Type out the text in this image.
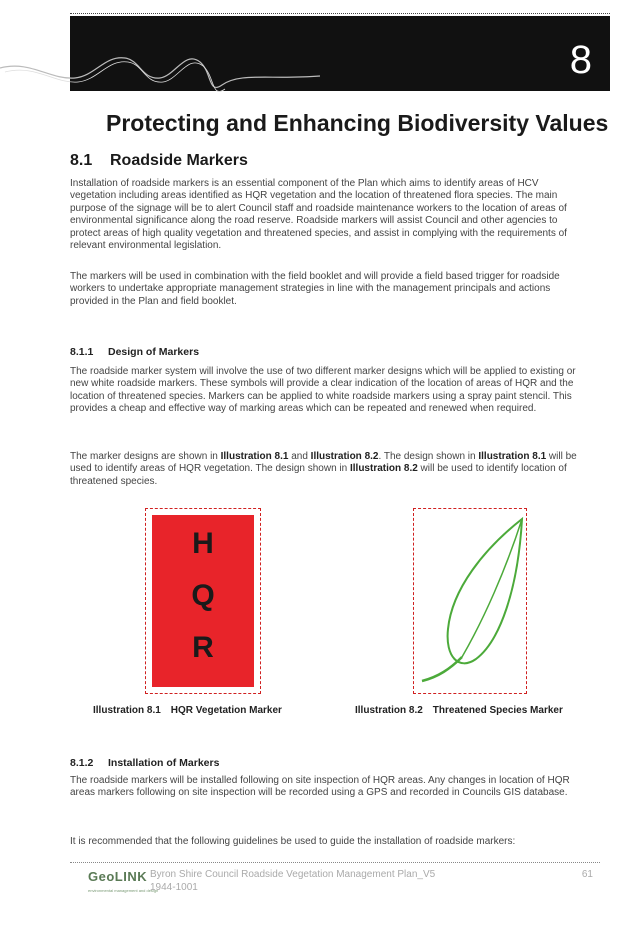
8
Protecting and Enhancing Biodiversity Values
8.1 Roadside Markers

Installation of roadside markers is an essential component of the Plan which aims to identify areas of HCV vegetation including areas identified as HQR vegetation and the location of threatened flora species. The main purpose of the signage will be to alert Council staff and roadside maintenance workers to the location of areas of environmental significance along the road reserve. Roadside markers will assist Council and other agencies to protect areas of high quality vegetation and threatened species, and assist in complying with the requirements of relevant environmental legislation.

The markers will be used in combination with the field booklet and will provide a field based trigger for roadside workers to undertake appropriate management strategies in line with the management principals and actions provided in the Plan and field booklet.

8.1.1 Design of Markers

The roadside marker system will involve the use of two different marker designs which will be applied to existing or new white roadside markers. These symbols will provide a clear indication of the location of areas of HQR and the location of threatened species. Markers can be applied to white roadside markers using a spray paint stencil. This provides a cheap and effective way of marking areas which can be repeated and renewed when required.

The marker designs are shown in Illustration 8.1 and Illustration 8.2. The design shown in Illustration 8.1 will be used to identify areas of HQR vegetation. The design shown in Illustration 8.2 will be used to identify location of threatened species.

H
Q
R

Illustration 8.1 HQR Vegetation Marker	Illustration 8.2 Threatened Species Marker

8.1.2 Installation of Markers

The roadside markers will be installed following on site inspection of HQR areas. Any changes in location of HQR areas markers following on site inspection will be recorded using a GPS and recorded in Councils GIS database.

It is recommended that the following guidelines be used to guide the installation of roadside markers:

GeoLINK
environmental management and design

Byron Shire Council Roadside Vegetation Management Plan_V5
1944-1001

61
